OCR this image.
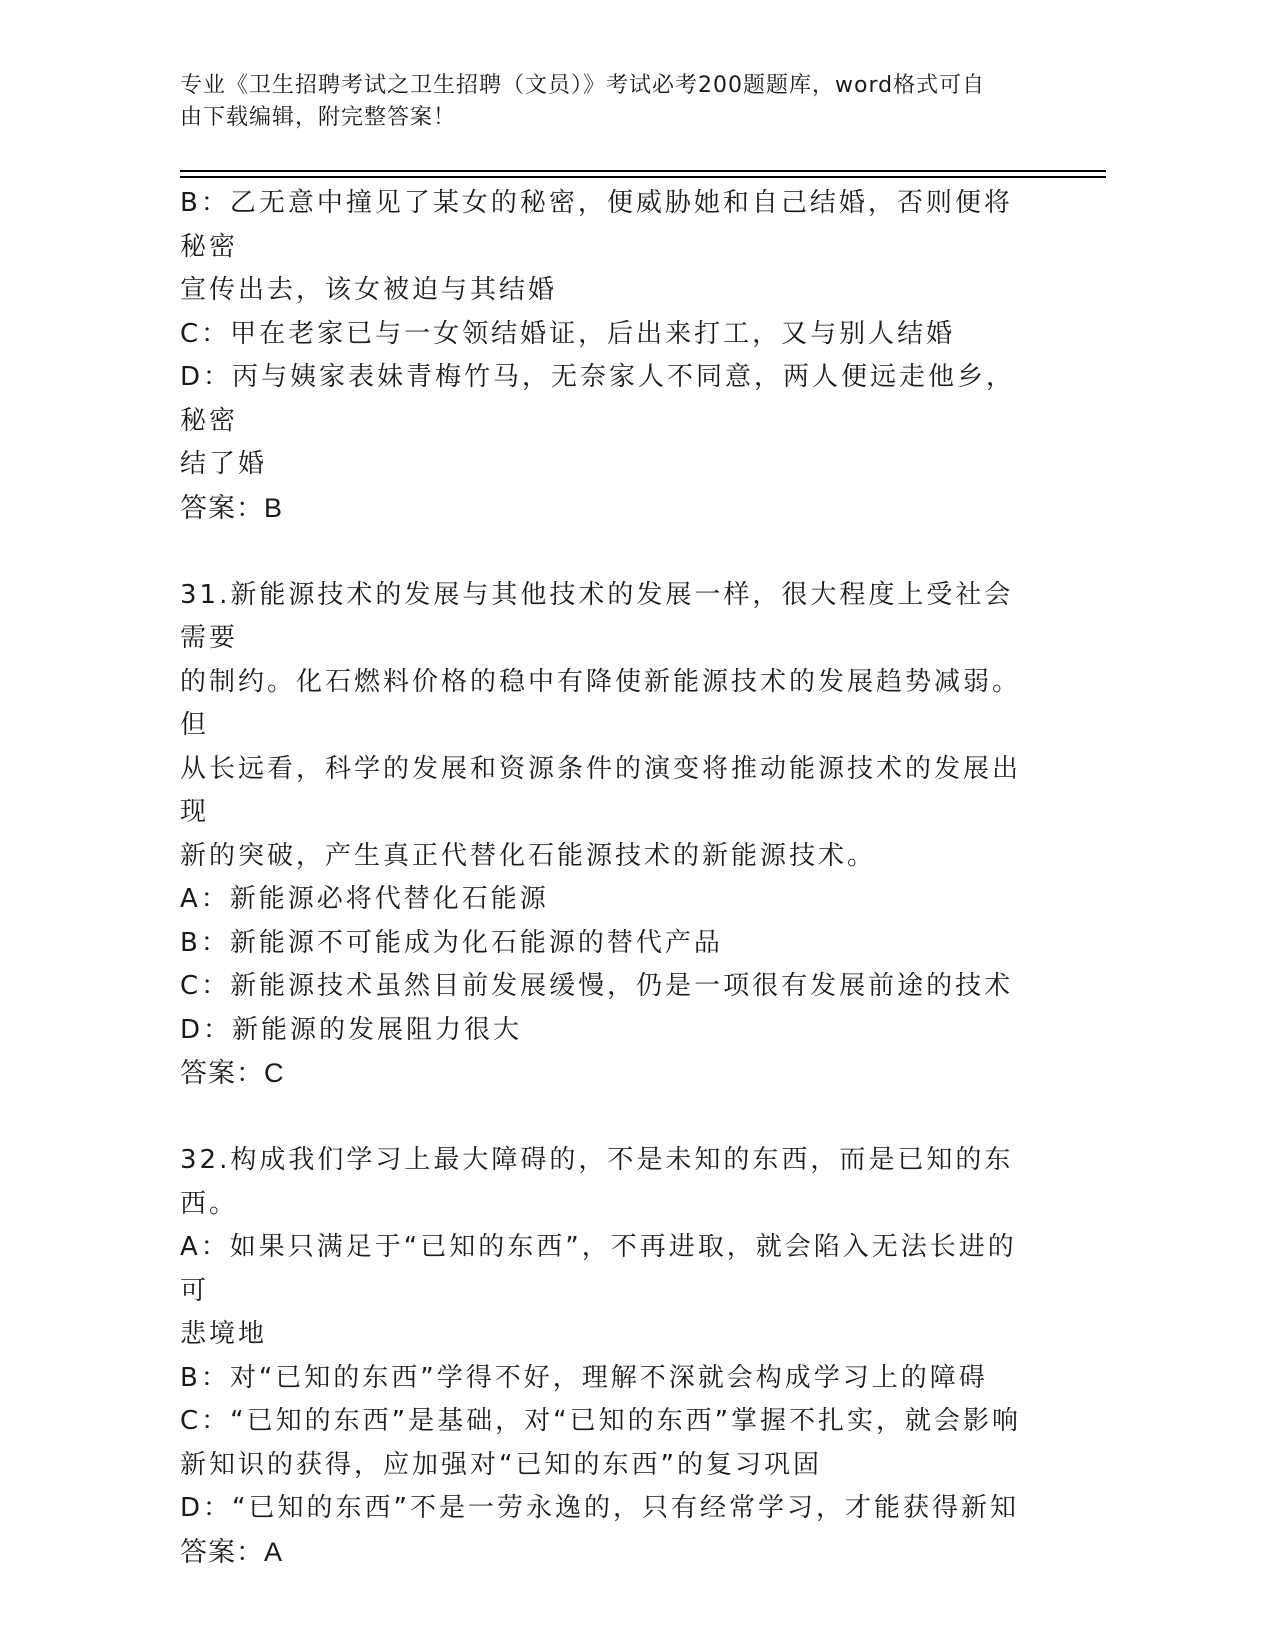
专业《卫生招聘考试之卫生招聘（文员）》考试必考200题题库，word格式可自
由下载编辑，附完整答案！
B：乙无意中撞见了某女的秘密，便威胁她和自己结婚，否则便将秘密
宣传出去，该女被迫与其结婚
C：甲在老家已与一女领结婚证，后出来打工，又与别人结婚
D：丙与姨家表妹青梅竹马，无奈家人不同意，两人便远走他乡，秘密
结了婚
答案：B
31.新能源技术的发展与其他技术的发展一样，很大程度上受社会需要
的制约。化石燃料价格的稳中有降使新能源技术的发展趋势减弱。但
从长远看，科学的发展和资源条件的演变将推动能源技术的发展出现
新的突破，产生真正代替化石能源技术的新能源技术。
A：新能源必将代替化石能源
B：新能源不可能成为化石能源的替代产品
C：新能源技术虽然目前发展缓慢，仍是一项很有发展前途的技术
D：新能源的发展阻力很大
答案：C
32.构成我们学习上最大障碍的，不是未知的东西，而是已知的东西。
A：如果只满足于“已知的东西”，不再进取，就会陷入无法长进的可
悲境地
B：对“已知的东西”学得不好，理解不深就会构成学习上的障碍
C：“已知的东西”是基础，对“已知的东西”掌握不扎实，就会影响
新知识的获得，应加强对“已知的东西”的复习巩固
D：“已知的东西”不是一劳永逸的，只有经常学习，才能获得新知
答案：A
